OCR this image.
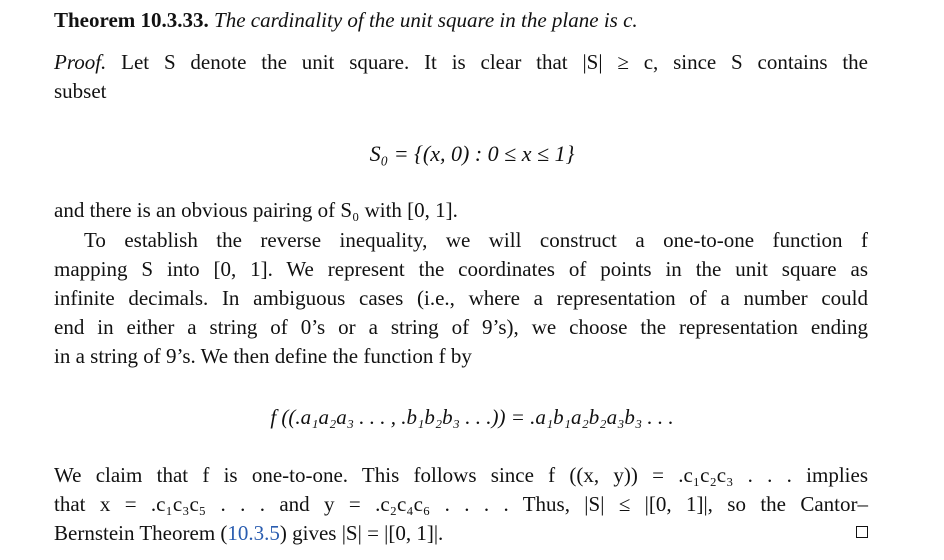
Theorem 10.3.33. The cardinality of the unit square in the plane is c.
Proof. Let S denote the unit square. It is clear that |S| ≥ c, since S contains the
subset
S₀ = {(x, 0) : 0 ≤ x ≤ 1}
and there is an obvious pairing of S₀ with [0, 1].
To establish the reverse inequality, we will construct a one-to-one function f
mapping S into [0, 1]. We represent the coordinates of points in the unit square as
infinite decimals. In ambiguous cases (i.e., where a representation of a number could
end in either a string of 0’s or a string of 9’s), we choose the representation ending
in a string of 9’s. We then define the function f by
f ((.a₁a₂a₃ . . . , .b₁b₂b₃ . . .)) = .a₁b₁a₂b₂a₃b₃ . . .
We claim that f is one-to-one. This follows since f ((x, y)) = .c₁c₂c₃ . . . implies
that x = .c₁c₃c₅ . . . and y = .c₂c₄c₆ . . . . Thus, |S| ≤ |[0, 1]|, so the Cantor–
Bernstein Theorem (10.3.5) gives |S| = |[0, 1]|.
